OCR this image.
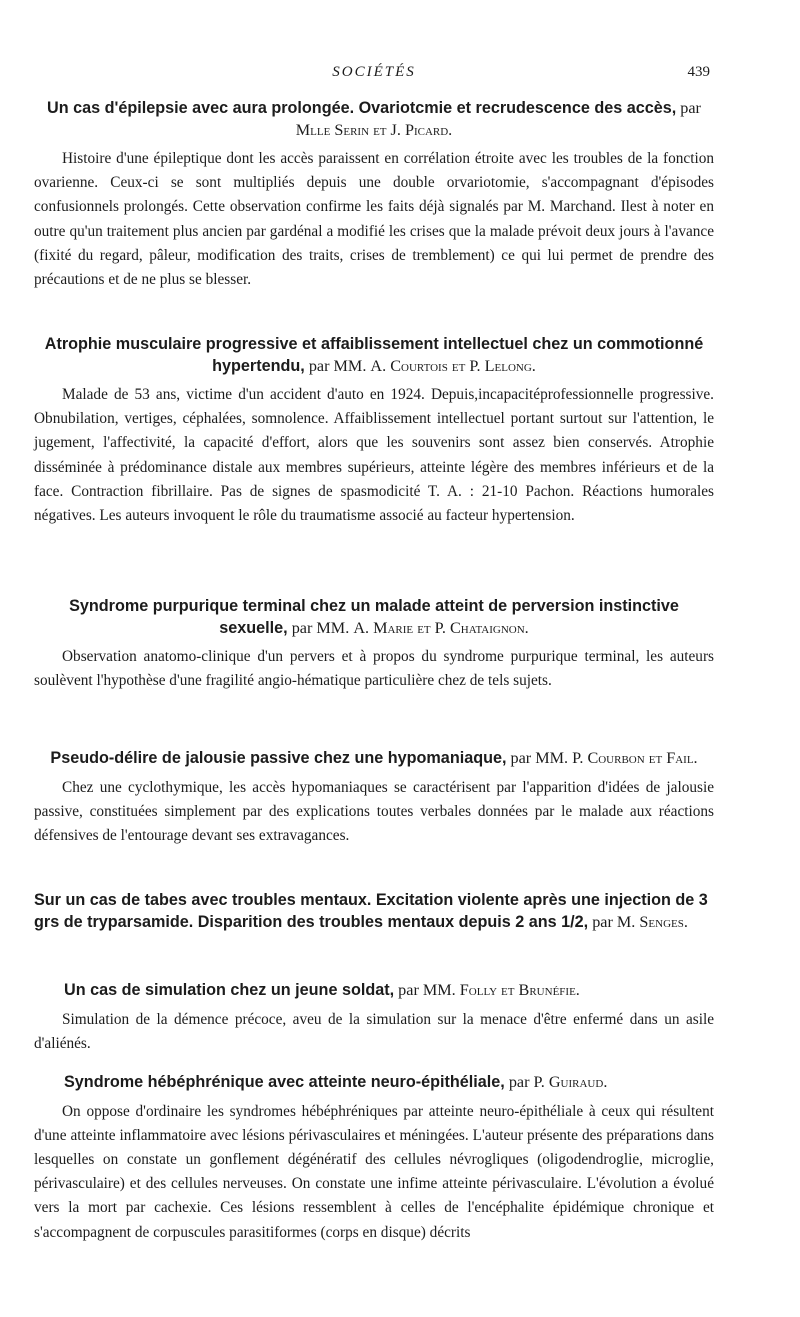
SOCIÉTÉS	439

Un cas d'épilepsie avec aura prolongée. Ovariotcmie et recrudescence des accès, par Mlle Serin et J. Picard.

Histoire d'une épileptique dont les accès paraissent en corrélation étroite avec les troubles de la fonction ovarienne. Ceux-ci se sont multipliés depuis une double orvariotomie, s'accompagnant d'épisodes confusionnels prolongés. Cette observation confirme les faits déjà signalés par M. Marchand. Ilest à noter en outre qu'un traitement plus ancien par gardénal a modifié les crises que la malade prévoit deux jours à l'avance (fixité du regard, pâleur, modification des traits, crises de tremblement) ce qui lui permet de prendre des précautions et de ne plus se blesser.

Atrophie musculaire progressive et affaiblissement intellectuel chez un commotionné hypertendu, par MM. A. Courtois et P. Lelong.

Malade de 53 ans, victime d'un accident d'auto en 1924. Depuis,incapacitéprofessionnelle progressive. Obnubilation, vertiges, céphalées, somnolence. Affaiblissement intellectuel portant surtout sur l'attention, le jugement, l'affectivité, la capacité d'effort, alors que les souvenirs sont assez bien conservés. Atrophie disséminée à prédominance distale aux membres supérieurs, atteinte légère des membres inférieurs et de la face. Contraction fibrillaire. Pas de signes de spasmodicité T. A. : 21-10 Pachon. Réactions humorales négatives. Les auteurs invoquent le rôle du traumatisme associé au facteur hypertension.

Syndrome purpurique terminal chez un malade atteint de perversion instinctive sexuelle, par MM. A. Marie et P. Chataignon.

Observation anatomo-clinique d'un pervers et à propos du syndrome purpurique terminal, les auteurs soulèvent l'hypothèse d'une fragilité angio-hématique particulière chez de tels sujets.

Pseudo-délire de jalousie passive chez une hypomaniaque, par MM. P. Courbon et Fail.

Chez une cyclothymique, les accès hypomaniaques se caractérisent par l'apparition d'idées de jalousie passive, constituées simplement par des explications toutes verbales données par le malade aux réactions défensives de l'entourage devant ses extravagances.

Sur un cas de tabes avec troubles mentaux. Excitation violente après une injection de 3 grs de tryparsamide. Disparition des troubles mentaux depuis 2 ans 1/2, par M. Senges.

Un cas de simulation chez un jeune soldat, par MM. Folly et Brunéfie.

Simulation de la démence précoce, aveu de la simulation sur la menace d'être enfermé dans un asile d'aliénés.

Syndrome hébéphrénique avec atteinte neuro-épithéliale, par P. Guiraud.

On oppose d'ordinaire les syndromes hébéphréniques par atteinte neuro-épithéliale à ceux qui résultent d'une atteinte inflammatoire avec lésions périvasculaires et méningées. L'auteur présente des préparations dans lesquelles on constate un gonflement dégénératif des cellules névrogliques (oligodendroglie, microglie, périvasculaire) et des cellules nerveuses. On constate une infime atteinte périvasculaire. L'évolution a évolué vers la mort par cachexie. Ces lésions ressemblent à celles de l'encéphalite épidémique chronique et s'accompagnent de corpuscules parasitiformes (corps en disque) décrits
